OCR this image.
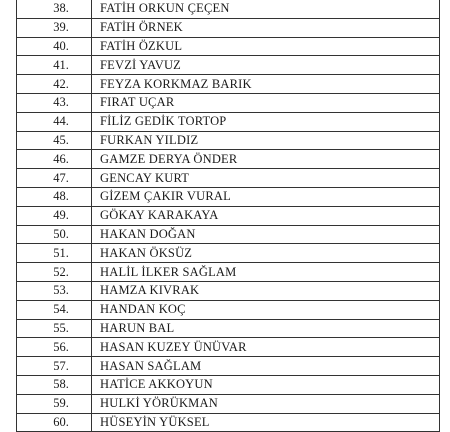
38.	FATİH ORKUN ÇEÇEN
39.	FATİH ÖRNEK
40.	FATİH ÖZKUL
41.	FEVZİ YAVUZ
42.	FEYZA KORKMAZ BARIK
43.	FIRAT UÇAR
44.	FİLİZ GEDİK TORTOP
45.	FURKAN YILDIZ
46.	GAMZE DERYA ÖNDER
47.	GENCAY KURT
48.	GİZEM ÇAKIR VURAL
49.	GÖKAY KARAKAYA
50.	HAKAN DOĞAN
51.	HAKAN ÖKSÜZ
52.	HALİL İLKER SAĞLAM
53.	HAMZA KIVRAK
54.	HANDAN KOÇ
55.	HARUN BAL
56.	HASAN KUZEY ÜNÜVAR
57.	HASAN SAĞLAM
58.	HATİCE AKKOYUN
59.	HULKİ YÖRÜKMAN
60.	HÜSEYİN YÜKSEL
